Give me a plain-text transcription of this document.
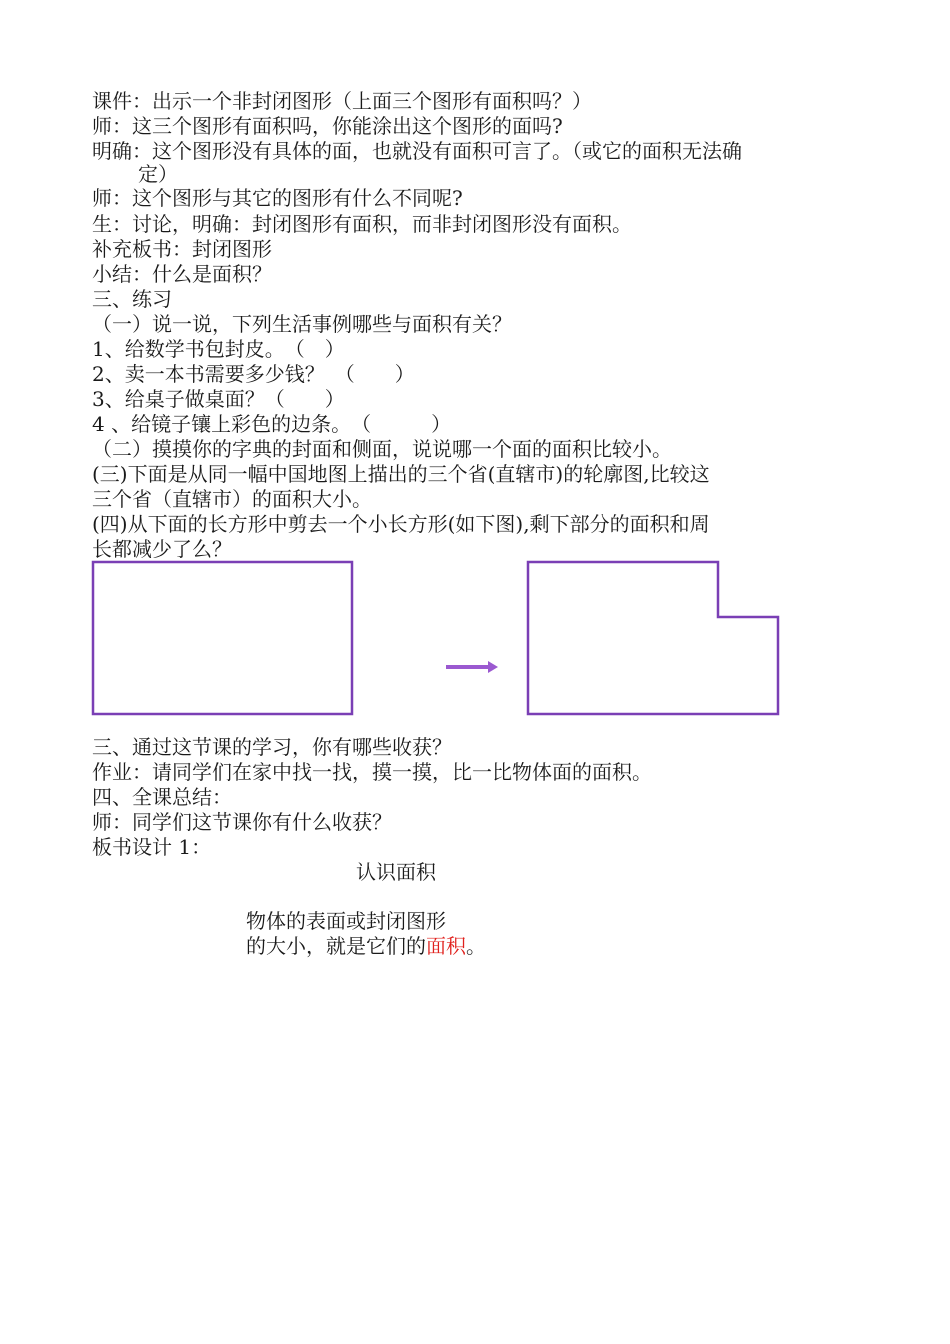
课件：出示一个非封闭图形（上面三个图形有面积吗？）
师：这三个图形有面积吗，你能涂出这个图形的面吗?
明确：这个图形没有具体的面，也就没有面积可言了。（或它的面积无法确
定）
师：这个图形与其它的图形有什么不同呢?
生：讨论，明确：封闭图形有面积，而非封闭图形没有面积。
补充板书：封闭图形
小结：什么是面积？
三、练习
（一）说一说，下列生活事例哪些与面积有关？
1、给数学书包封皮。　（　）
2、卖一本书需要多少钱？　（　　）
3、给桌子做桌面？（　　）
4 、给镜子镶上彩色的边条。　（　　　）
（二）摸摸你的字典的封面和侧面，说说哪一个面的面积比较小。
(三)下面是从同一幅中国地图上描出的三个省(直辖市)的轮廓图,比较这
三个省（直辖市）的面积大小。
(四)从下面的长方形中剪去一个小长方形(如下图),剩下部分的面积和周
长都减少了么？
三、通过这节课的学习，你有哪些收获？
作业：请同学们在家中找一找，摸一摸，比一比物体面的面积。
四、全课总结：
师：同学们这节课你有什么收获？
板书设计 1：
认识面积
物体的表面或封闭图形
的大小，就是它们的面积。
